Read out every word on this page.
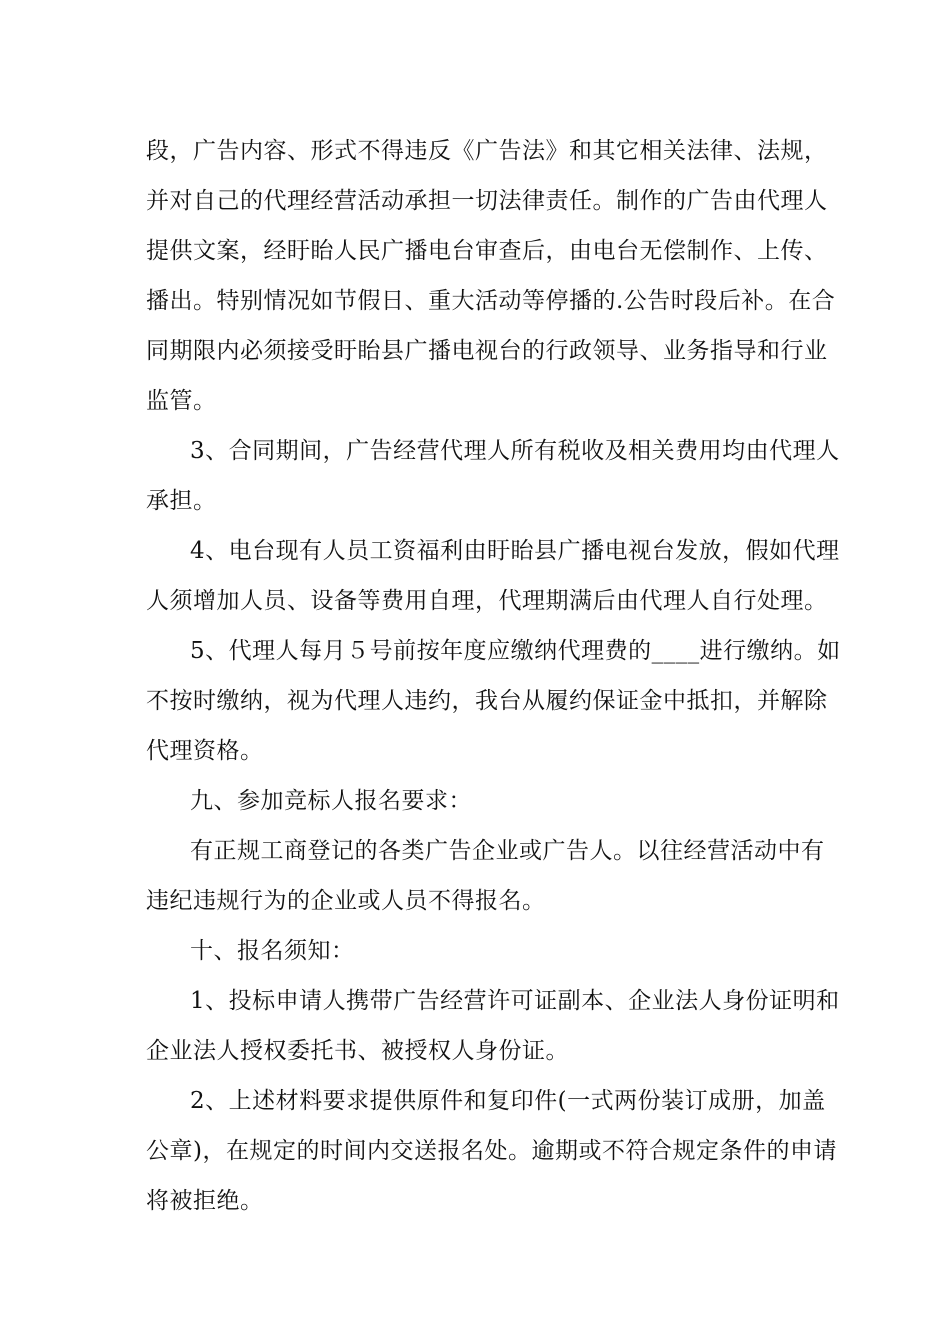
段，广告内容、形式不得违反《广告法》和其它相关法律、法规，
并对自己的代理经营活动承担一切法律责任。制作的广告由代理人
提供文案，经盱眙人民广播电台审查后，由电台无偿制作、上传、
播出。特别情况如节假日、重大活动等停播的.公告时段后补。在合
同期限内必须接受盱眙县广播电视台的行政领导、业务指导和行业
监管。
3、合同期间，广告经营代理人所有税收及相关费用均由代理人
承担。
4、电台现有人员工资福利由盱眙县广播电视台发放，假如代理
人须增加人员、设备等费用自理，代理期满后由代理人自行处理。
5、代理人每月５号前按年度应缴纳代理费的____进行缴纳。如
不按时缴纳，视为代理人违约，我台从履约保证金中抵扣，并解除
代理资格。
九、参加竞标人报名要求：
有正规工商登记的各类广告企业或广告人。以往经营活动中有
违纪违规行为的企业或人员不得报名。
十、报名须知：
1、投标申请人携带广告经营许可证副本、企业法人身份证明和
企业法人授权委托书、被授权人身份证。
2、上述材料要求提供原件和复印件(一式两份装订成册，加盖
公章)，在规定的时间内交送报名处。逾期或不符合规定条件的申请
将被拒绝。
